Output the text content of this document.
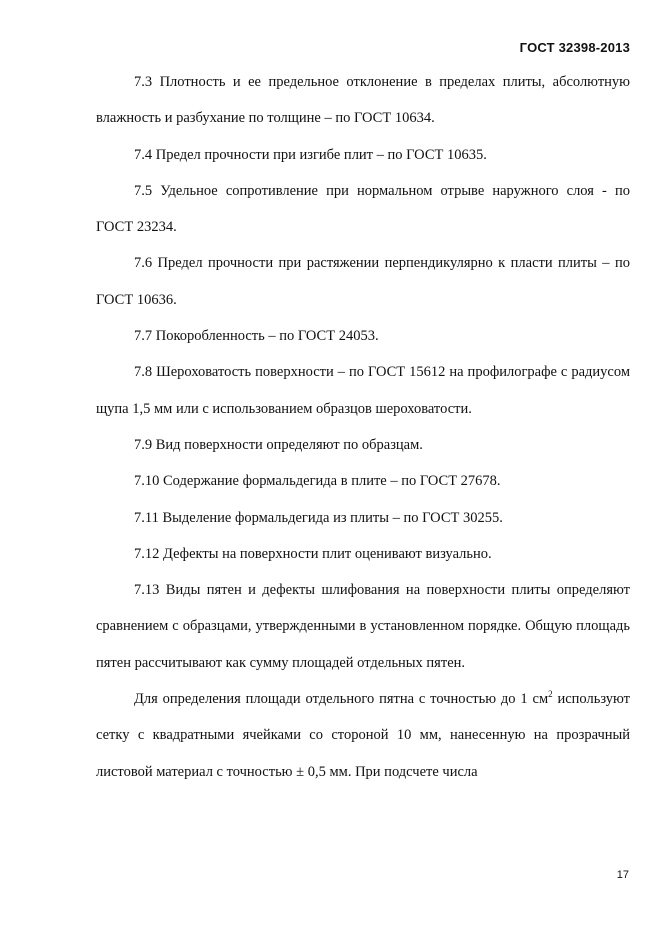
ГОСТ 32398-2013

7.3 Плотность и ее предельное отклонение в пределах плиты, абсолютную влажность и разбухание по толщине – по ГОСТ 10634.

7.4 Предел прочности при изгибе плит – по ГОСТ 10635.

7.5 Удельное сопротивление при нормальном отрыве наружного слоя - по ГОСТ 23234.

7.6 Предел прочности при растяжении перпендикулярно к пласти плиты – по ГОСТ 10636.

7.7 Покоробленность – по ГОСТ 24053.

7.8 Шероховатость поверхности – по ГОСТ 15612 на профилографе с радиусом щупа 1,5 мм или с использованием образцов шероховатости.

7.9 Вид поверхности определяют по образцам.

7.10 Содержание формальдегида в плите – по ГОСТ 27678.

7.11 Выделение формальдегида из плиты – по ГОСТ 30255.

7.12 Дефекты на поверхности плит оценивают визуально.

7.13 Виды пятен и дефекты шлифования на поверхности плиты определяют сравнением с образцами, утвержденными в установленном порядке. Общую площадь пятен рассчитывают как сумму площадей отдельных пятен.

Для определения площади отдельного пятна с точностью до 1 $см^2$ используют сетку с квадратными ячейками со стороной 10 мм, нанесенную на прозрачный листовой материал с точностью ± 0,5 мм. При подсчете числа

17
